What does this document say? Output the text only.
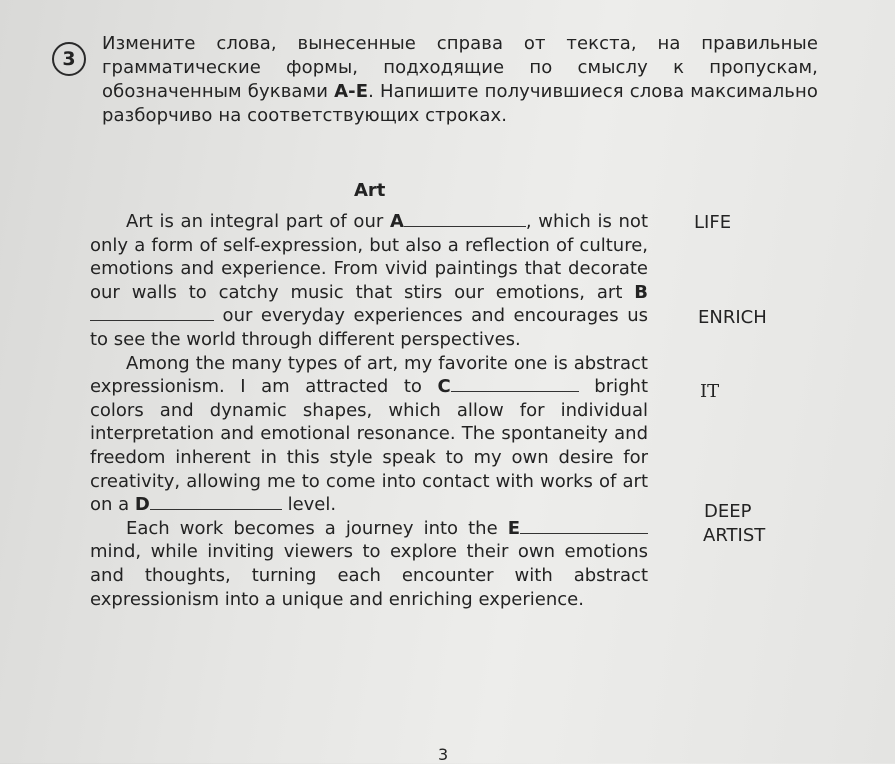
3
Измените слова, вынесенные справа от текста, на правильные грамматические формы, подходящие по смыслу к пропускам, обозначенным буквами A-E. Напишите получившиеся слова максимально разборчиво на соответствующих строках.
Art

Art is an integral part of our A	, which is not only a form of self-expression, but also a reflection of culture, emotions and experience. From vivid paintings that decorate our walls to catchy music that stirs our emotions, art B our everyday experiences and encourages us to see the world through different perspectives.

Among the many types of art, my favorite one is abstract expressionism. I am attracted to C	bright colors and dynamic shapes, which allow for individual interpretation and emotional resonance. The spontaneity and freedom inherent in this style speak to my own desire for creativity, allowing me to come into contact with works of art on a D	level.

Each work becomes a journey into the E mind, while inviting viewers to explore their own emotions and thoughts, turning each encounter with abstract expressionism into a unique and enriching experience.

LIFE
ENRICH
IT
DEEP
ARTIST
3
